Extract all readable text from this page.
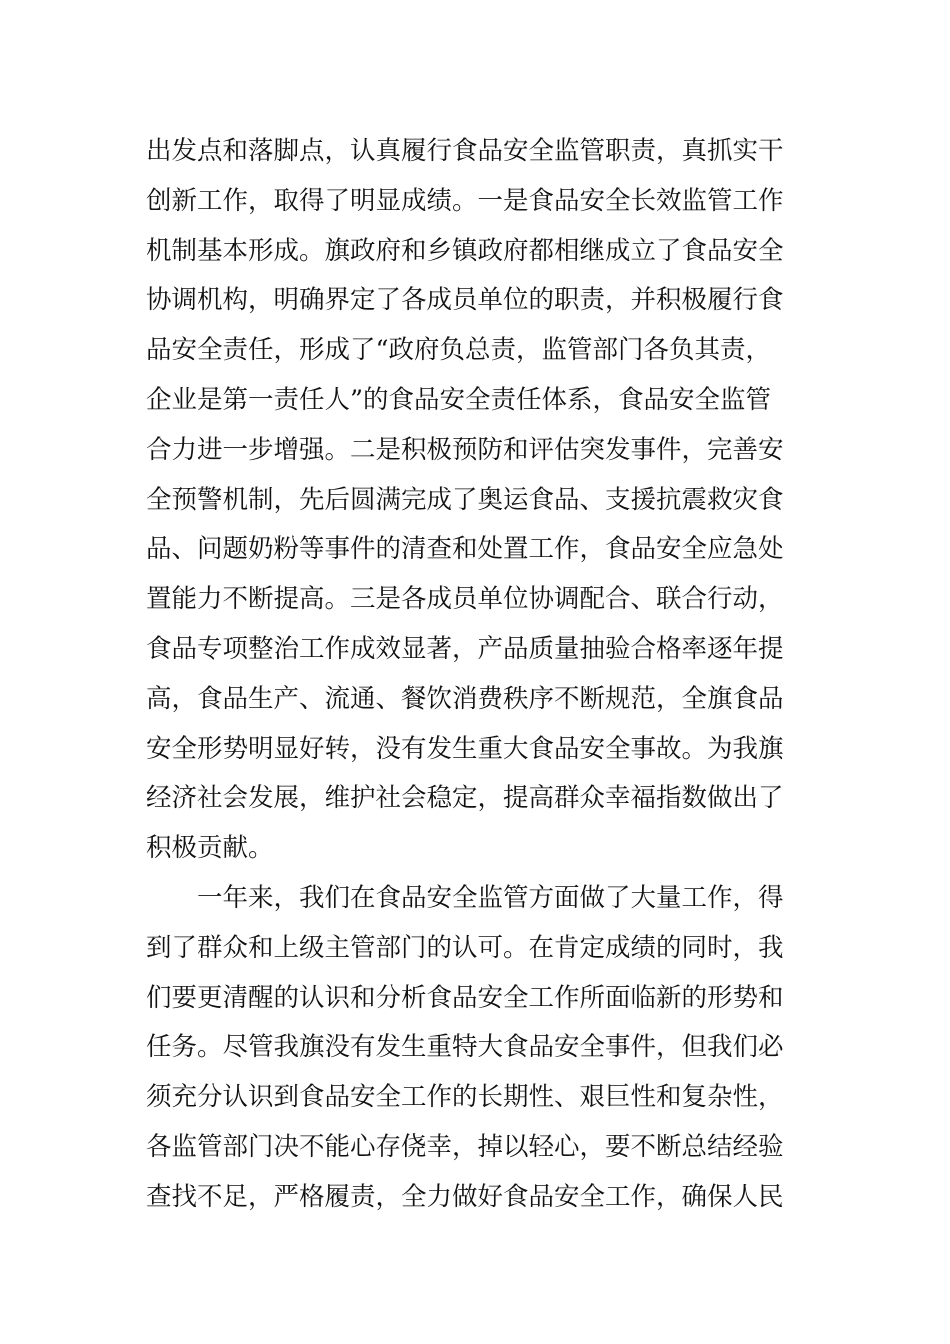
出发点和落脚点，认真履行食品安全监管职责，真抓实干
创新工作，取得了明显成绩。一是食品安全长效监管工作
机制基本形成。旗政府和乡镇政府都相继成立了食品安全
协调机构，明确界定了各成员单位的职责，并积极履行食
品安全责任，形成了“政府负总责，监管部门各负其责，
企业是第一责任人”的食品安全责任体系，食品安全监管
合力进一步增强。二是积极预防和评估突发事件，完善安
全预警机制，先后圆满完成了奥运食品、支援抗震救灾食
品、问题奶粉等事件的清查和处置工作，食品安全应急处
置能力不断提高。三是各成员单位协调配合、联合行动，
食品专项整治工作成效显著，产品质量抽验合格率逐年提
高，食品生产、流通、餐饮消费秩序不断规范，全旗食品
安全形势明显好转，没有发生重大食品安全事故。为我旗
经济社会发展，维护社会稳定，提高群众幸福指数做出了
积极贡献。
　　一年来，我们在食品安全监管方面做了大量工作，得
到了群众和上级主管部门的认可。在肯定成绩的同时，我
们要更清醒的认识和分析食品安全工作所面临新的形势和
任务。尽管我旗没有发生重特大食品安全事件，但我们必
须充分认识到食品安全工作的长期性、艰巨性和复杂性，
各监管部门决不能心存侥幸，掉以轻心，要不断总结经验
查找不足，严格履责，全力做好食品安全工作，确保人民
